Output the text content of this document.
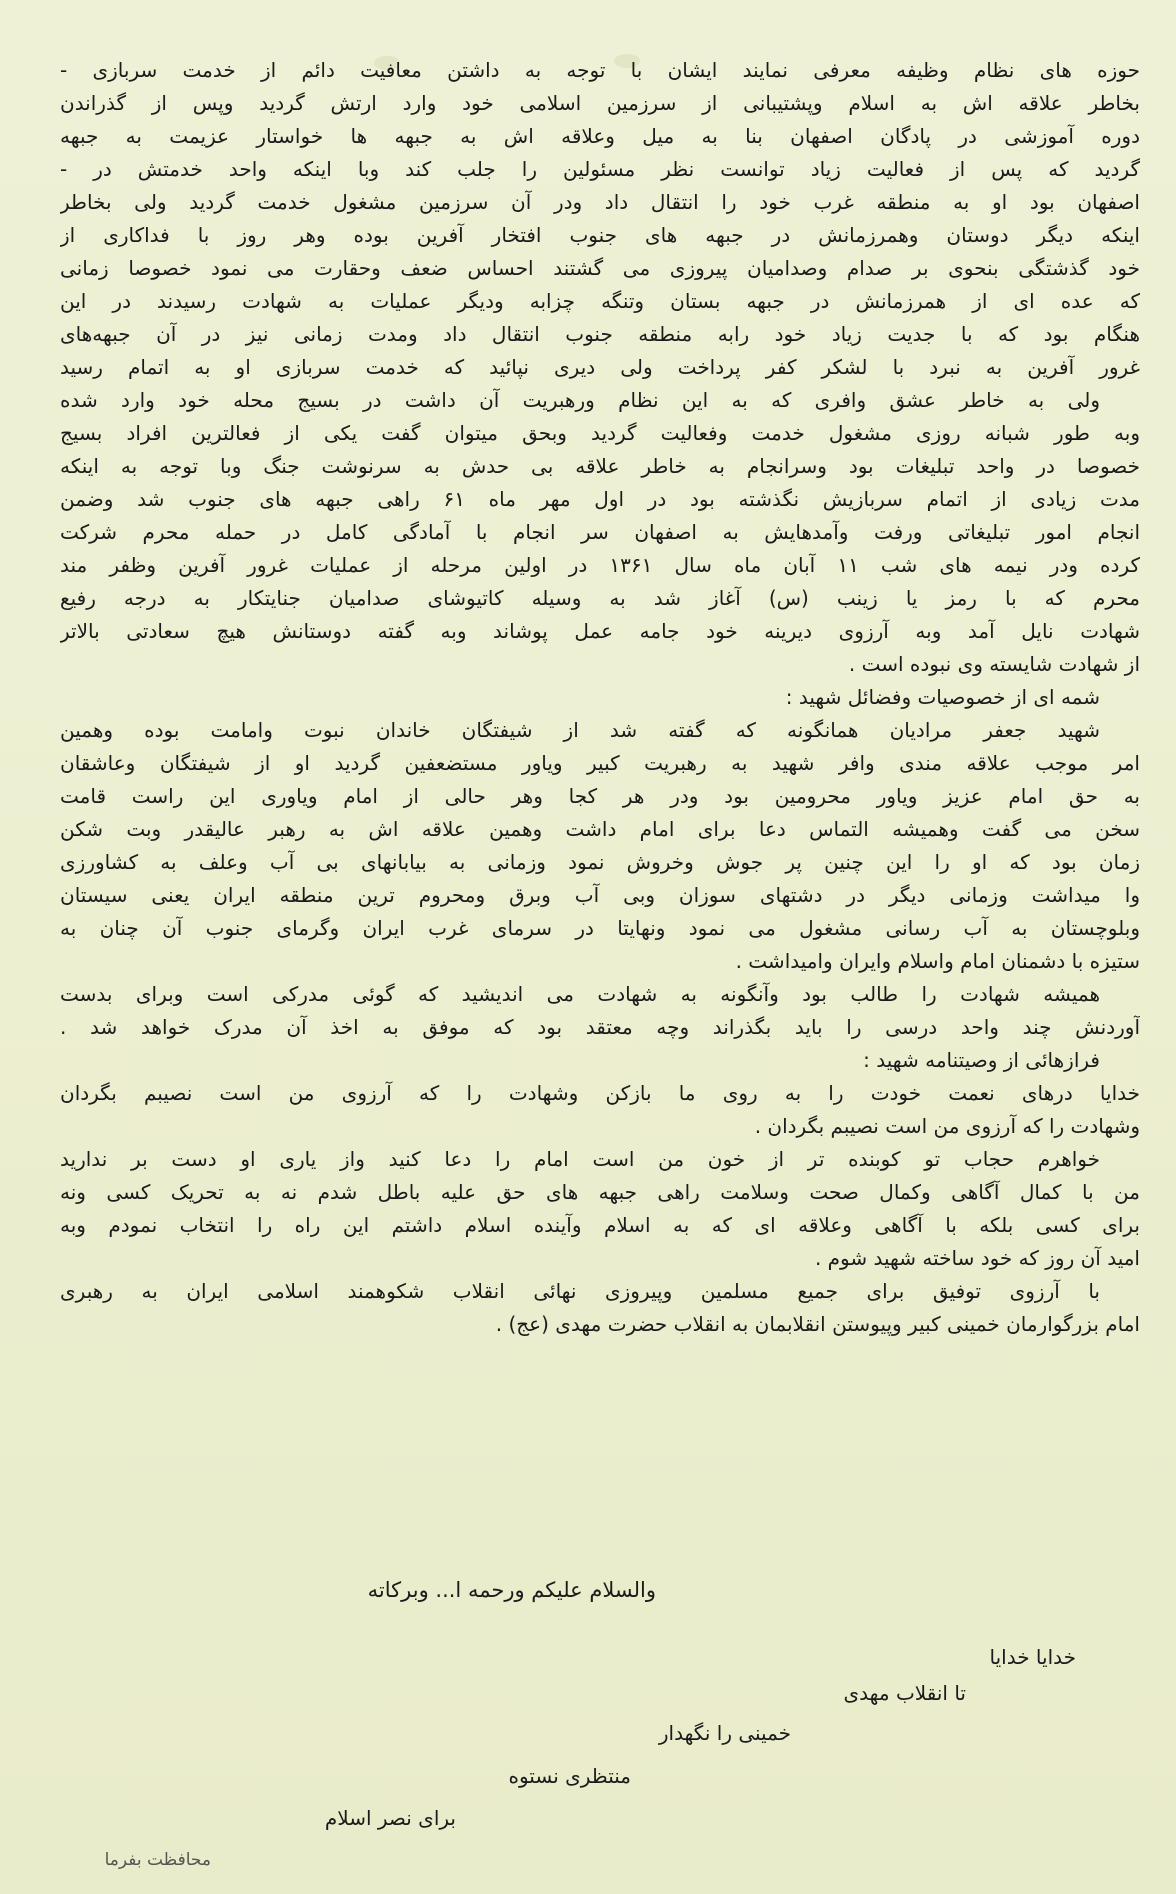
حوزه های نظام وظیفه معرفی نمایند ایشان با توجه به داشتن معافیت دائم از خدمت سربازی -
بخاطر علاقه اش به اسلام وپشتیبانی از سرزمین اسلامی خود وارد ارتش گردید وپس از گذراندن
دوره آموزشی در پادگان اصفهان بنا به میل وعلاقه اش به جبهه ها خواستار عزیمت به جبهه
گردید که پس از فعالیت زیاد توانست نظر مسئولین را جلب کند وبا اینکه واحد خدمتش در -
اصفهان بود او به منطقه غرب خود را انتقال داد ودر آن سرزمین مشغول خدمت گردید ولی بخاطر
اینکه دیگر دوستان وهمرزمانش در جبهه های جنوب افتخار آفرین بوده وهر روز با فداکاری از
خود گذشتگی بنحوی بر صدام وصدامیان پیروزی می گشتند احساس ضعف وحقارت می نمود خصوصا زمانی
که عده ای از همرزمانش در جبهه بستان وتنگه چزابه ودیگر عملیات به شهادت رسیدند در این
هنگام بود که با جدیت زیاد خود رابه منطقه جنوب انتقال داد ومدت زمانی نیز در آن جبهه‌های
غرور آفرین به نبرد با لشکر کفر پرداخت ولی دیری نپائید که خدمت سربازی او به اتمام رسید
ولی به خاطر عشق وافری که به این نظام ورهبریت آن داشت در بسیج محله خود وارد شده
وبه طور شبانه روزی مشغول خدمت وفعالیت گردید وبحق میتوان گفت یکی از فعالترین افراد بسیج
خصوصا در واحد تبلیغات بود وسرانجام به خاطر علاقه بی حدش به سرنوشت جنگ وبا توجه به اینکه
مدت زیادی از اتمام سربازیش نگذشته بود در اول مهر ماه ۶۱ راهی جبهه های جنوب شد وضمن
انجام امور تبلیغاتی ورفت وآمدهایش به اصفهان سر انجام با آمادگی کامل در حمله محرم شرکت
کرده ودر نیمه های شب ۱۱ آبان ماه سال ۱۳۶۱ در اولین مرحله از عملیات غرور آفرین وظفر مند
محرم که با رمز یا زینب (س) آغاز شد به وسیله کاتیوشای صدامیان جنایتکار به درجه رفیع
شهادت نایل آمد وبه آرزوی دیرینه خود جامه عمل پوشاند وبه گفته دوستانش هیچ سعادتی بالاتر
از شهادت شایسته وی نبوده است .
شمه ای از خصوصیات وفضائل شهید :
شهید جعفر مرادیان همانگونه که گفته شد از شیفتگان خاندان نبوت وامامت بوده وهمین
امر موجب علاقه مندی وافر شهید به رهبریت کبیر ویاور مستضعفین گردید او از شیفتگان وعاشقان
به حق امام عزیز ویاور محرومین بود ودر هر کجا وهر حالی از امام ویاوری این راست قامت
سخن می گفت وهمیشه التماس دعا برای امام داشت وهمین علاقه اش به رهبر عالیقدر وبت شکن
زمان بود که او را این چنین پر جوش وخروش نمود وزمانی به بیابانهای بی آب وعلف به کشاورزی
وا میداشت وزمانی دیگر در دشتهای سوزان وبی آب وبرق ومحروم ترین منطقه ایران یعنی سیستان
وبلوچستان به آب رسانی مشغول می نمود ونهایتا در سرمای غرب ایران وگرمای جنوب آن چنان به
ستیزه با دشمنان امام واسلام وایران وامیداشت .
همیشه شهادت را طالب بود وآنگونه به شهادت می اندیشید که گوئی مدرکی است وبرای بدست
آوردنش چند واحد درسی را باید بگذراند وچه معتقد بود که موفق به اخذ آن مدرک خواهد شد .
فرازهائی از وصیتنامه شهید :
خدایا درهای نعمت خودت را به روی ما بازکن وشهادت را که آرزوی من است نصیبم بگردان
وشهادت را که آرزوی من است نصیبم بگردان .
خواهرم حجاب تو کوبنده تر از خون من است امام را دعا کنید واز یاری او دست بر ندارید
من با کمال آگاهی وکمال صحت وسلامت راهی جبهه های حق علیه باطل شدم نه به تحریک کسی ونه
برای کسی بلکه با آگاهی وعلاقه ای که به اسلام وآینده اسلام داشتم این راه را انتخاب نمودم وبه
امید آن روز که خود ساخته شهید شوم .
با آرزوی توفیق برای جمیع مسلمین وپیروزی نهائی انقلاب شکوهمند اسلامی ایران به رهبری
امام بزرگوارمان خمینی کبیر وپیوستن انقلابمان به انقلاب حضرت مهدی (عج) .
والسلام علیکم ورحمه ا... وبرکاته
خدایا خدایا
تا انقلاب مهدی
خمینی را نگهدار
منتظری نستوه
برای نصر اسلام
محافظت بفرما
